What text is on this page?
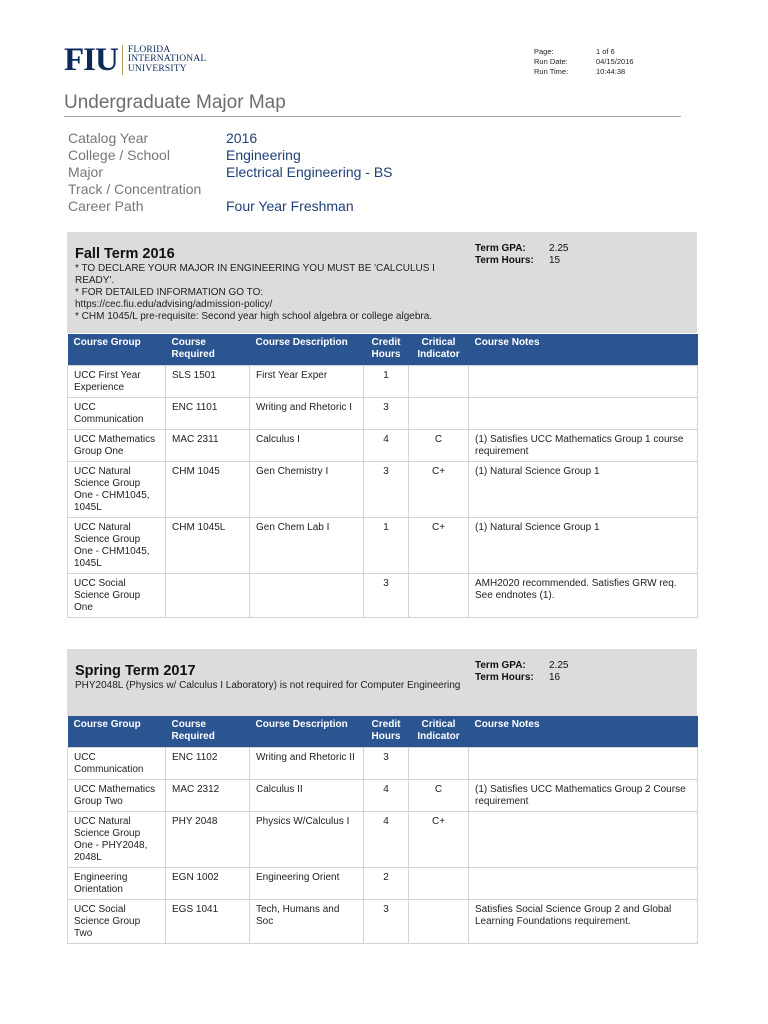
FIU FLORIDA
INTERNATIONAL
UNIVERSITY
Page:	1 of 6
Run Date:	04/15/2016
Run Time:	10:44:38
Undergraduate Major Map
Catalog Year	2016
College / School	Engineering
Major	Electrical Engineering - BS
Track / Concentration
Career Path	Four Year Freshman
Fall Term 2016
* TO DECLARE YOUR MAJOR IN ENGINEERING YOU MUST BE 'CALCULUS I READY'.
* FOR DETAILED INFORMATION GO TO:
https://cec.fiu.edu/advising/admission-policy/
* CHM 1045/L pre-requisite: Second year high school algebra or college algebra.
Term GPA:	2.25
Term Hours:	15
Course Group	Course Required	Course Description	Credit Hours	Critical Indicator	Course Notes
UCC First Year Experience	SLS 1501	First Year Exper	1		
UCC Communication	ENC 1101	Writing and Rhetoric I	3		
UCC Mathematics Group One	MAC 2311	Calculus I	4	C	(1) Satisfies UCC Mathematics Group 1 course requirement
UCC Natural Science Group One - CHM1045, 1045L	CHM 1045	Gen Chemistry I	3	C+	(1) Natural Science Group 1
UCC Natural Science Group One - CHM1045, 1045L	CHM 1045L	Gen Chem Lab I	1	C+	(1) Natural Science Group 1
UCC Social Science Group One			3		AMH2020 recommended. Satisfies GRW req. See endnotes (1).
Spring Term 2017
PHY2048L (Physics w/ Calculus I Laboratory) is not required for Computer Engineering
Term GPA:	2.25
Term Hours:	16
Course Group	Course Required	Course Description	Credit Hours	Critical Indicator	Course Notes
UCC Communication	ENC 1102	Writing and Rhetoric II	3		
UCC Mathematics Group Two	MAC 2312	Calculus II	4	C	(1) Satisfies UCC Mathematics Group 2 Course requirement
UCC Natural Science Group One - PHY2048, 2048L	PHY 2048	Physics W/Calculus I	4	C+	
Engineering Orientation	EGN 1002	Engineering Orient	2		
UCC Social Science Group Two	EGS 1041	Tech, Humans and Soc	3		Satisfies Social Science Group 2 and Global Learning Foundations requirement.
